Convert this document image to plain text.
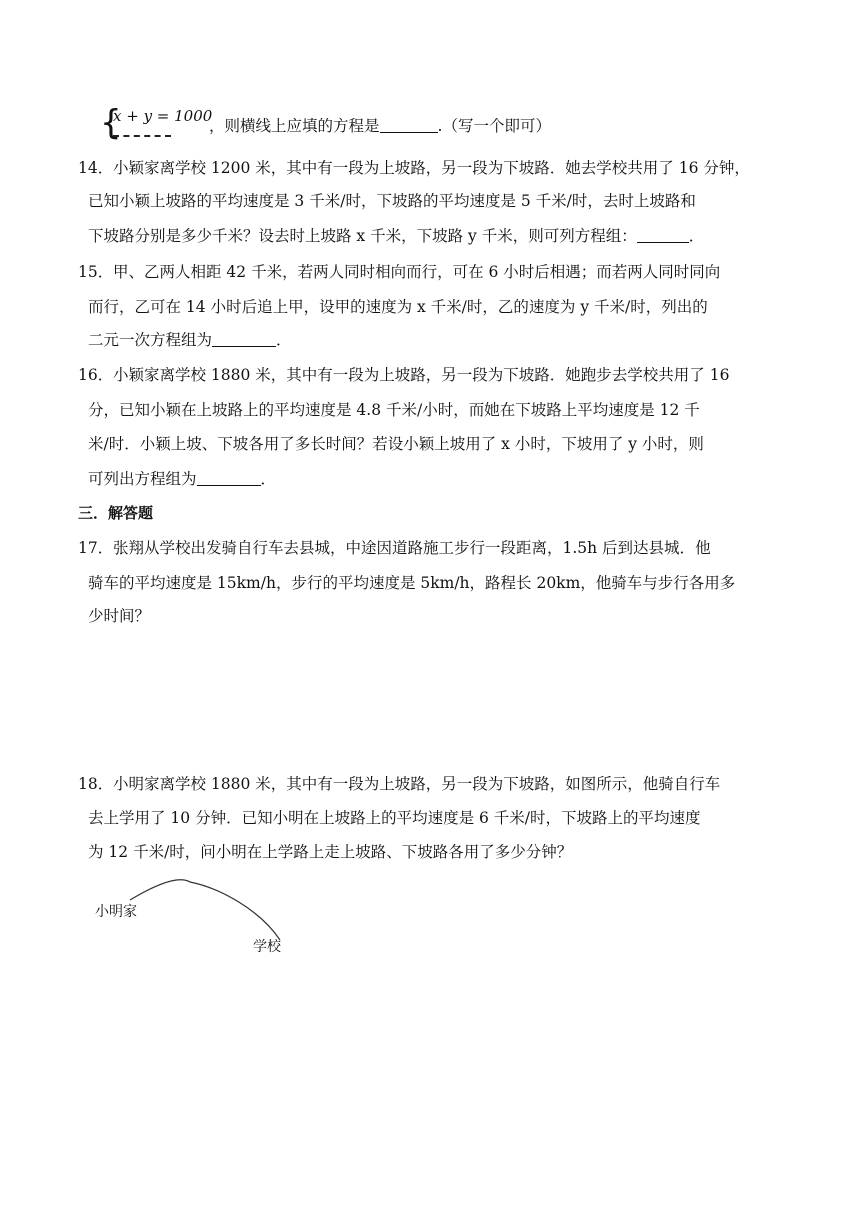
{
x + y = 1000
，则横线上应填的方程是	.（写一个即可）
14． 小颖家离学校 1200 米，其中有一段为上坡路，另一段为下坡路．她去学校共用了 16 分钟，
已知小颖上坡路的平均速度是 3 千米/时，下坡路的平均速度是 5 千米/时，去时上坡路和
下坡路分别是多少千米？设去时上坡路 x 千米，下坡路 y 千米，则可列方程组：	．
15． 甲、乙两人相距 42 千米，若两人同时相向而行，可在 6 小时后相遇；而若两人同时同向
而行，乙可在 14 小时后追上甲，设甲的速度为 x 千米/时，乙的速度为 y 千米/时，列出的
二元一次方程组为	．
16． 小颖家离学校 1880 米，其中有一段为上坡路，另一段为下坡路．她跑步去学校共用了 16
分，已知小颖在上坡路上的平均速度是 4.8 千米/小时，而她在下坡路上平均速度是 12 千
米/时．小颖上坡、下坡各用了多长时间？若设小颖上坡用了 x 小时，下坡用了 y 小时，则
可列出方程组为	．
三．解答题
17． 张翔从学校出发骑自行车去县城，中途因道路施工步行一段距离，1.5h 后到达县城．他
骑车的平均速度是 15km/h，步行的平均速度是 5km/h，路程长 20km，他骑车与步行各用多
少时间？
18． 小明家离学校 1880 米，其中有一段为上坡路，另一段为下坡路，如图所示，他骑自行车
去上学用了 10 分钟．已知小明在上坡路上的平均速度是 6 千米/时，下坡路上的平均速度
为 12 千米/时，问小明在上学路上走上坡路、下坡路各用了多少分钟？
小明家
学校
